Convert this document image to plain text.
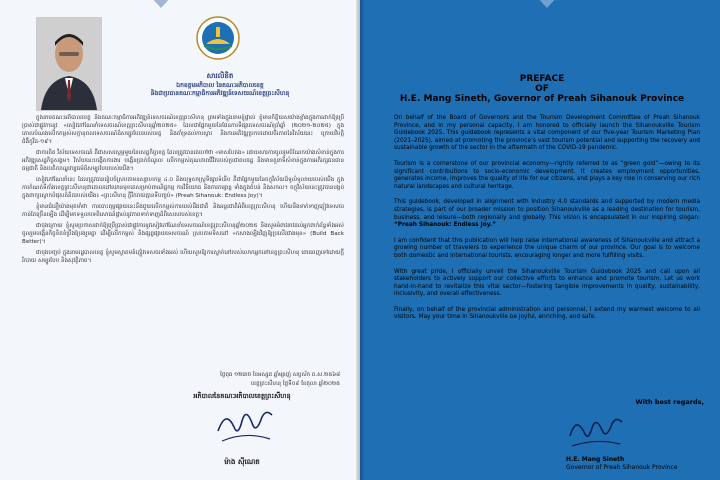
សារលិខិត
ឯកឧត្តមអភិបាល នៃគណៈអភិបាលខេត្ត
និងជាប្រធានគណៈកម្មាធិការអភិវឌ្ឍន៍ទេសចរណ៍ខេត្តព្រះសីហនុ

ក្នុងនាមគណៈអភិបាលខេត្ត និងគណៈកម្មាធិការអភិវឌ្ឍន៍ទេសចរណ៍ខេត្តព្រះសីហនុ ព្រមទាំងក្នុងនាមខ្ញុំផ្ទាល់ ខ្ញុំមានកិត្តិយសយ៉ាងខ្លាំងក្នុងការដាក់ឱ្យប្រើប្រាស់ជាផ្លូវការនូវ «សៀវភៅណែនាំទេសចរណ៍ខេត្តព្រះសីហនុឆ្នាំ២០២៥» ដែលជាផ្នែកមួយនៃផែនការទីផ្សារទេសចរណ៍ប្រាំឆ្នាំ (២០២១-២០២៥) ក្នុងគោលបំណងលើកកម្ពស់សក្តានុពលទេសចរណ៍ដ៏សម្បូរបែបរបស់ខេត្ត និងគាំទ្រដល់ការស្តារ និងការអភិវឌ្ឍប្រកបដោយចីរភាពនៃវិស័យនេះ ក្រោយវិបត្តិជំងឺកូវីដ-១៩។

ជាការពិត វិស័យទេសចរណ៍ គឺជាសសរស្តម្ភមួយនៃសេដ្ឋកិច្ចខេត្ត ដែលត្រូវបានគេហៅថា «មាសបៃតង» ដោយសារការចូលរួមចំណែកយ៉ាងសំខាន់ក្នុងការអភិវឌ្ឍសេដ្ឋកិច្ចសង្គម។ វិស័យនេះបង្កើតការងារ បង្កើនប្រាក់ចំណូល លើកកម្ពស់គុណភាពជីវិតរបស់ប្រជាពលរដ្ឋ និងមានតួនាទីសំខាន់ក្នុងការអភិរក្សធនធានធម្មជាតិ និងបេតិកភណ្ឌវប្បធម៌ដ៏សម្បូរបែបរបស់យើង។

សៀវភៅណែនាំនេះ ដែលត្រូវបានរៀបចំស្របតាមឧស្សាហកម្ម ៤.០ និងយុទ្ធសាស្ត្រទីផ្សារទំនើប គឺជាផ្នែកមួយនៃចក្ខុវិស័យដ៏ទូលំទូលាយរបស់យើង ក្នុងការកំណត់ទីតាំងខេត្តព្រះសីហនុជាគោលដៅឈានមុខគេសម្រាប់ពាណិជ្ជកម្ម ការវិនិយោគ និងការកម្សាន្ត ទាំងក្នុងតំបន់ និងសកល។ ចក្ខុវិស័យនេះត្រូវបានបង្កប់ក្នុងពាក្យស្លោកបំផុសគំនិតរបស់យើង៖ «ព្រះសីហនុ ក្តីរីករាយគ្មានទីបញ្ចប់» (Preah Sihanouk: Endless Joy)។

ខ្ញុំមានជំនឿយ៉ាងមុតមាំថា ការបោះពុម្ពផ្សាយនេះនឹងជួយលើកកម្ពស់ការយល់ដឹងជាតិ និងអន្តរជាតិអំពីខេត្តព្រះសីហនុ ហើយនឹងទាក់ទាញភ្ញៀវទេសចរកាន់តែច្រើនឡើង ដើម្បីមកទទួលបទពិសោធន៍ផ្ទាល់នូវភាពទាក់ទាញដ៏ពិសេសរបស់ខេត្ត។

ជាចុងក្រោយ ខ្ញុំសូមប្រកាសដាក់ឱ្យប្រើប្រាស់ជាផ្លូវការនូវសៀវភៅណែនាំទេសចរណ៍ខេត្តព្រះសីហនុឆ្នាំ២០២៥ និងសូមអំពាវនាវដល់អ្នកពាក់ព័ន្ធទាំងអស់ ចូលរួមបង្កើនកិច្ចខិតខំប្រឹងប្រែងរួមគ្នា ដើម្បីលើកកម្ពស់ និងផ្សព្វផ្សាយទេសចរណ៍ ស្របតាមទិសដៅ «កសាងឡើងវិញឱ្យប្រសើរជាងមុន» (Build Back Better)។

ជាចុងបញ្ចប់ ក្នុងនាមរដ្ឋបាលខេត្ត ខ្ញុំសូមស្វាគមន៍ភ្ញៀវទេសចរទាំងអស់ ហើយសូមឱ្យការស្នាក់នៅរបស់លោកអ្នកនៅខេត្តព្រះសីហនុ ពោរពេញទៅដោយក្តីរីករាយ សម្បូរបែប និងសុវត្ថិភាព។

ថ្ងៃពុធ ១២រោច ខែអស្សុជ ឆ្នាំម្សាញ់ សប្តស័ក ព.ស.២៥៦៨
ខេត្តព្រះសីហនុ ថ្ងៃទី០៩ ខែតុលា ឆ្នាំ២០២៥
អភិបាលនៃគណៈអភិបាលខេត្តព្រះសីហនុ
ម៉ាង ស៊ីណេត
PREFACE
OF
H.E. Mang Sineth, Governor of Preah Sihanouk Province

On behalf of the Board of Governors and the Tourism Development Committee of Preah Sihanouk Province, and in my personal capacity, I am honored to officially launch the Sihanoukville Tourism Guidebook 2025. This guidebook represents a vital component of our five-year Tourism Marketing Plan (2021–2025), aimed at promoting the province’s vast tourism potential and supporting the recovery and sustainable growth of the sector in the aftermath of the COVID-19 pandemic.

Tourism is a cornerstone of our provincial economy—rightly referred to as “green gold”—owing to its significant contributions to socio-economic development. It creates employment opportunities, generates income, improves the quality of life for our citizens, and plays a key role in conserving our rich natural landscapes and cultural heritage.

This guidebook, developed in alignment with Industry 4.0 standards and supported by modern media strategies, is part of our broader mission to position Sihanoukville as a leading destination for tourism, business, and leisure—both regionally and globally. This vision is encapsulated in our inspiring slogan: “Preah Sihanouk: Endless Joy.”

I am confident that this publication will help raise international awareness of Sihanoukville and attract a growing number of travelers to experience the unique charm of our province. Our goal is to welcome both domestic and international tourists, encouraging longer and more fulfilling visits.

With great pride, I officially unveil the Sihanoukville Tourism Guidebook 2025 and call upon all stakeholders to actively support our collective efforts to enhance and promote tourism. Let us work hand-in-hand to revitalize this vital sector—fostering tangible improvements in quality, sustainability, inclusivity, and overall effectiveness.

Finally, on behalf of the provincial administration and personnel, I extend my warmest welcome to all visitors. May your time in Sihanoukville be joyful, enriching, and safe.

With best regards,
H.E. Mang Sineth
Governor of Preah Sihanouk Province
